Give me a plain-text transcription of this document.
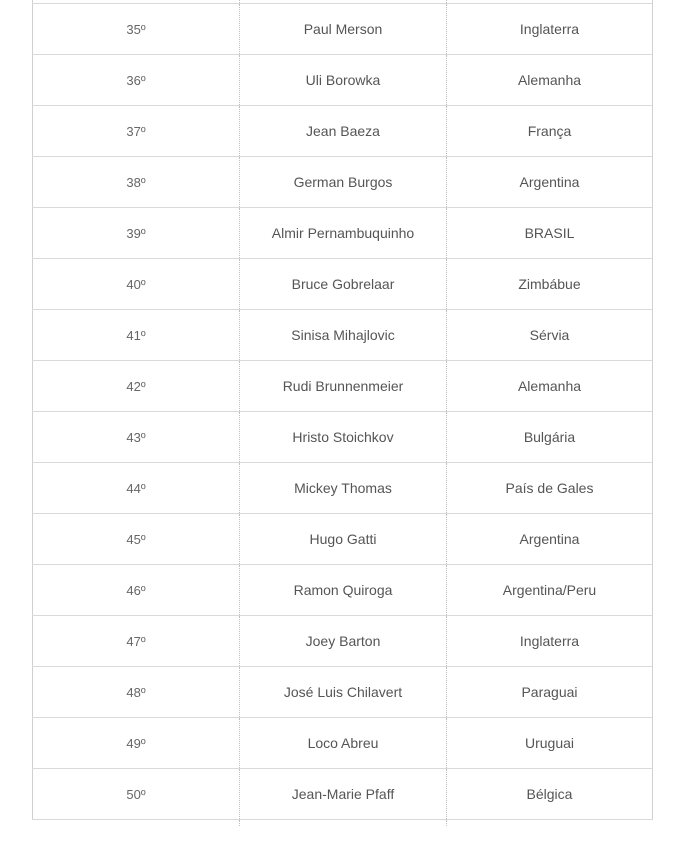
35º	Paul Merson	Inglaterra
36º	Uli Borowka	Alemanha
37º	Jean Baeza	França
38º	German Burgos	Argentina
39º	Almir Pernambuquinho	BRASIL
40º	Bruce Gobrelaar	Zimbábue
41º	Sinisa Mihajlovic	Sérvia
42º	Rudi Brunnenmeier	Alemanha
43º	Hristo Stoichkov	Bulgária
44º	Mickey Thomas	País de Gales
45º	Hugo Gatti	Argentina
46º	Ramon Quiroga	Argentina/Peru
47º	Joey Barton	Inglaterra
48º	José Luis Chilavert	Paraguai
49º	Loco Abreu	Uruguai
50º	Jean-Marie Pfaff	Bélgica
